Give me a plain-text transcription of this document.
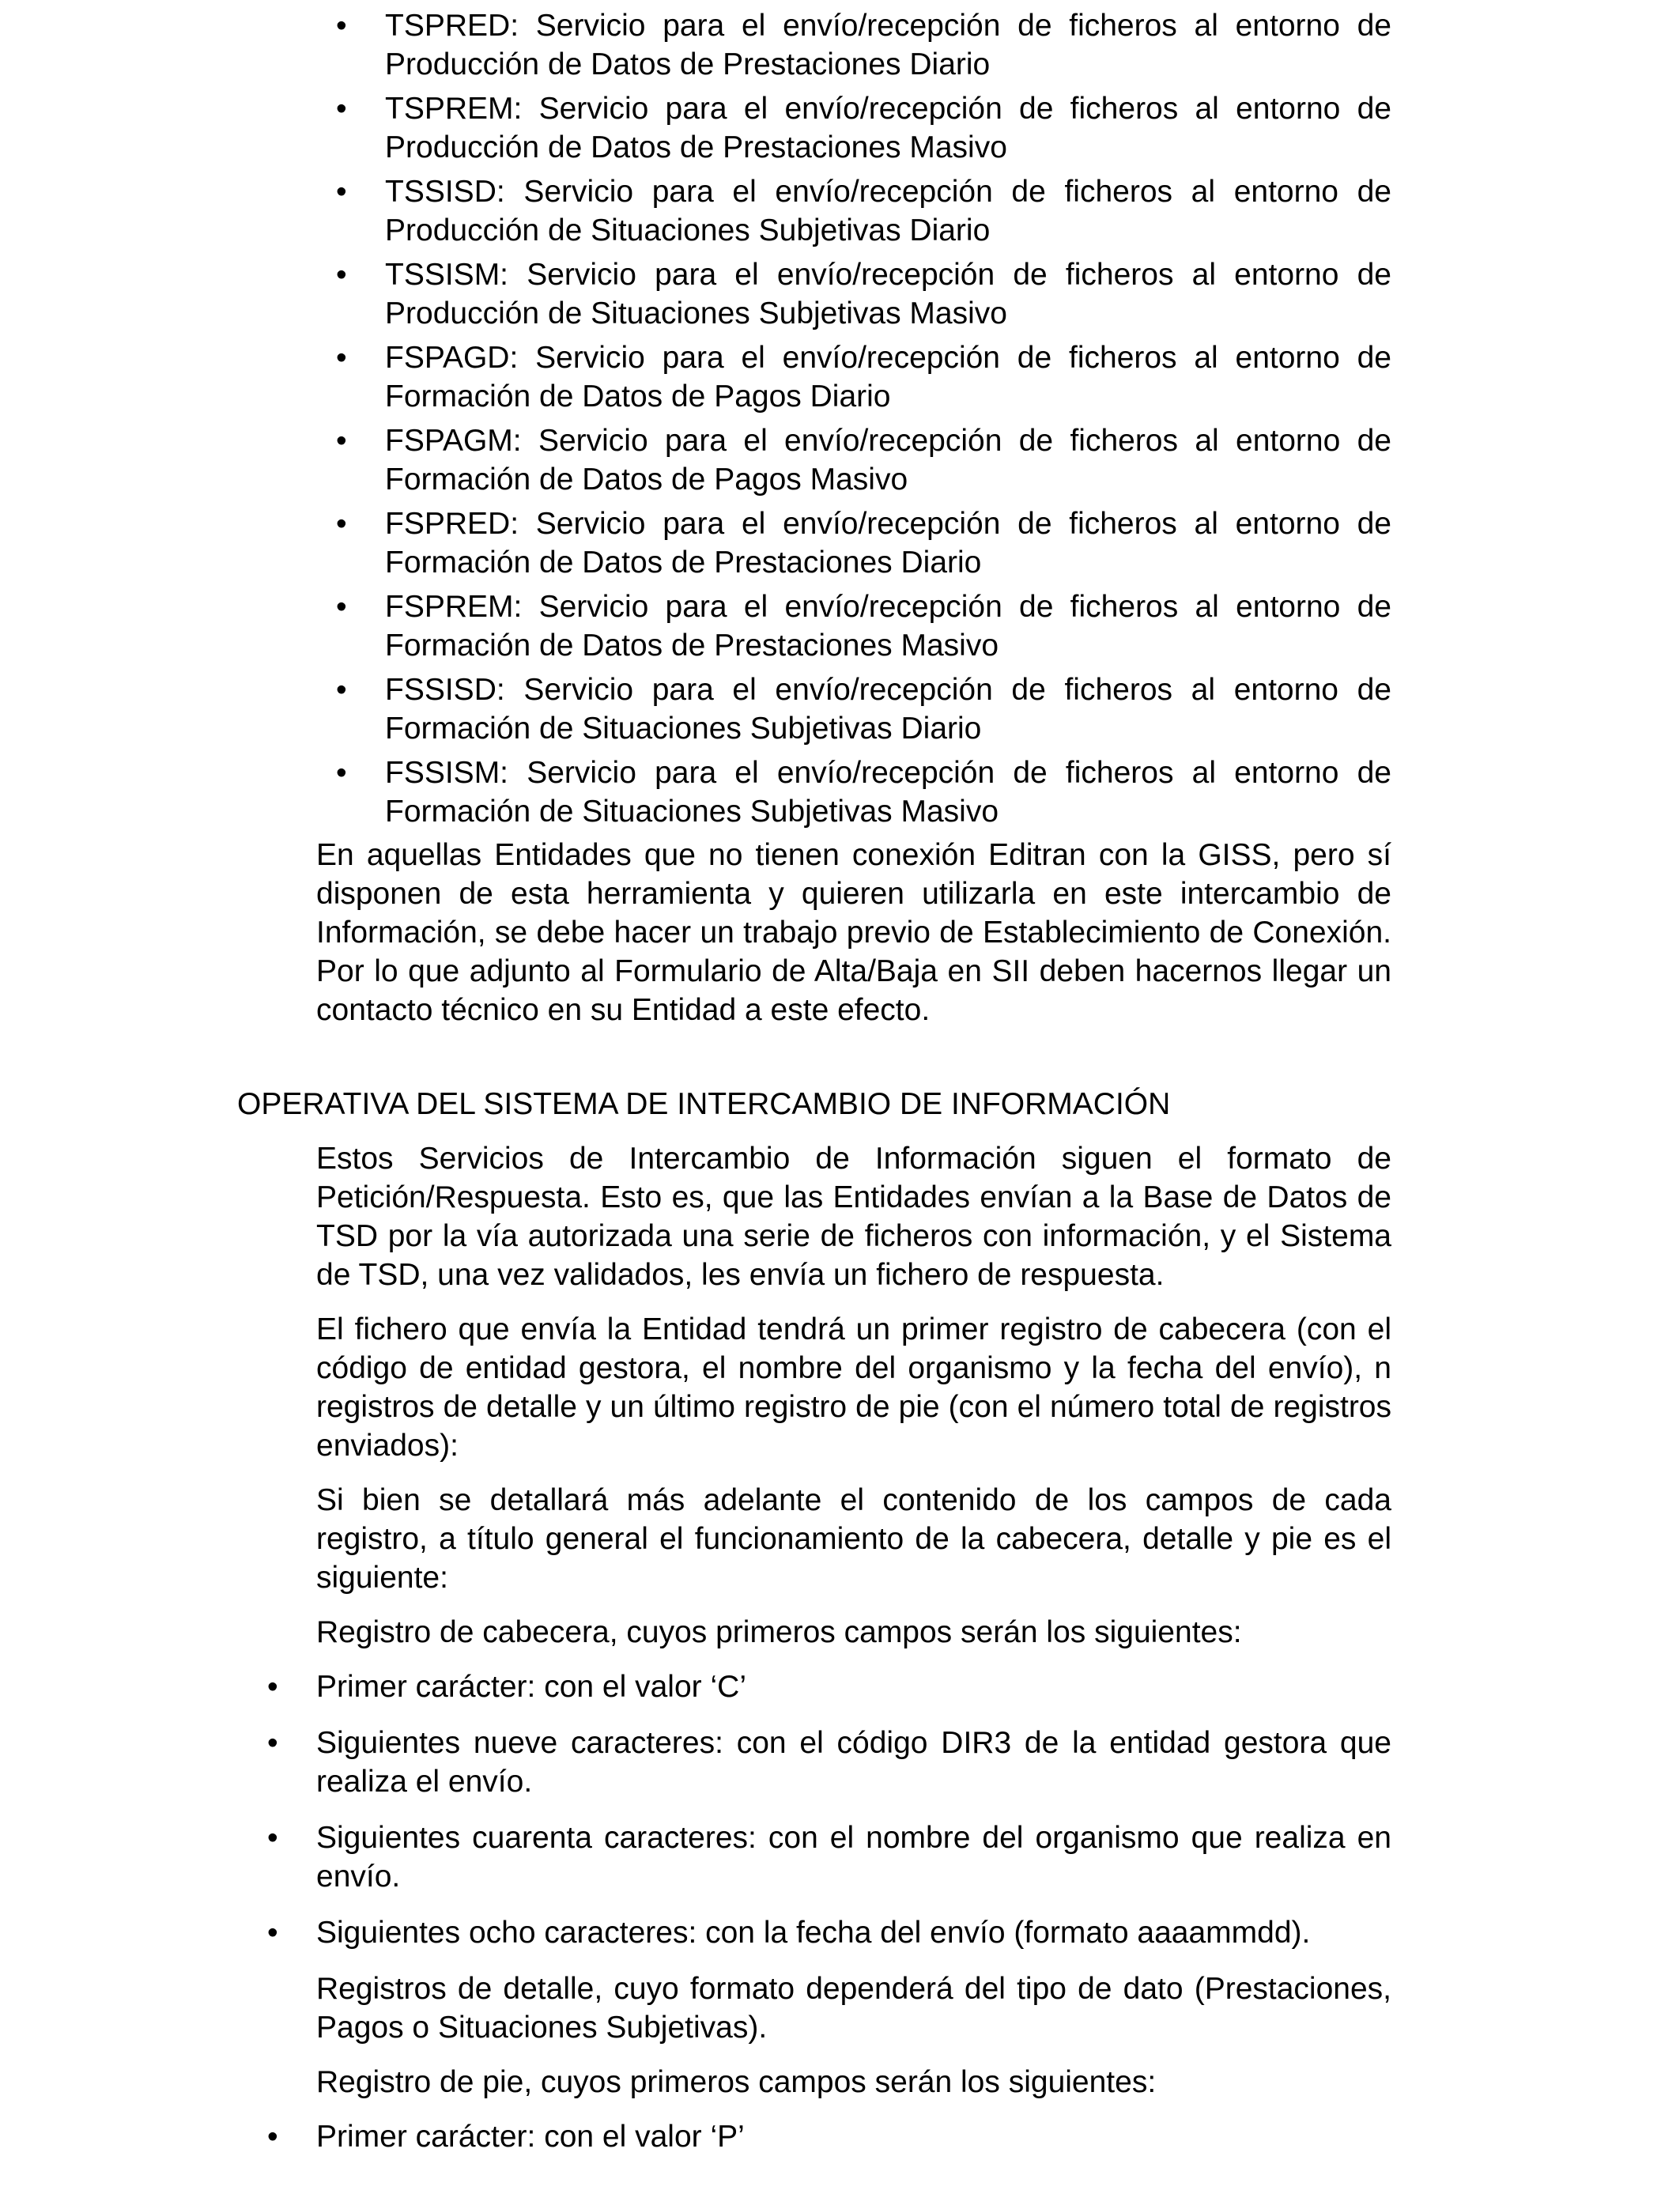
• TSPRED: Servicio para el envío/recepción de ficheros al entorno de Producción de Datos de Prestaciones Diario

• TSPREM: Servicio para el envío/recepción de ficheros al entorno de Producción de Datos de Prestaciones Masivo

• TSSISD: Servicio para el envío/recepción de ficheros al entorno de Producción de Situaciones Subjetivas Diario

• TSSISM: Servicio para el envío/recepción de ficheros al entorno de Producción de Situaciones Subjetivas Masivo

• FSPAGD: Servicio para el envío/recepción de ficheros al entorno de Formación de Datos de Pagos Diario

• FSPAGM: Servicio para el envío/recepción de ficheros al entorno de Formación de Datos de Pagos Masivo

• FSPRED: Servicio para el envío/recepción de ficheros al entorno de Formación de Datos de Prestaciones Diario

• FSPREM: Servicio para el envío/recepción de ficheros al entorno de Formación de Datos de Prestaciones Masivo

• FSSISD: Servicio para el envío/recepción de ficheros al entorno de Formación de Situaciones Subjetivas Diario

• FSSISM: Servicio para el envío/recepción de ficheros al entorno de Formación de Situaciones Subjetivas Masivo

En aquellas Entidades que no tienen conexión Editran con la GISS, pero sí disponen de esta herramienta y quieren utilizarla en este intercambio de Información, se debe hacer un trabajo previo de Establecimiento de Conexión. Por lo que adjunto al Formulario de Alta/Baja en SII deben hacernos llegar un contacto técnico en su Entidad a este efecto.

OPERATIVA DEL SISTEMA DE INTERCAMBIO DE INFORMACIÓN

Estos Servicios de Intercambio de Información siguen el formato de Petición/Respuesta. Esto es, que las Entidades envían a la Base de Datos de TSD por la vía autorizada una serie de ficheros con información, y el Sistema de TSD, una vez validados, les envía un fichero de respuesta.

El fichero que envía la Entidad tendrá un primer registro de cabecera (con el código de entidad gestora, el nombre del organismo y la fecha del envío), n registros de detalle y un último registro de pie (con el número total de registros enviados):

Si bien se detallará más adelante el contenido de los campos de cada registro, a título general el funcionamiento de la cabecera, detalle y pie es el siguiente:

Registro de cabecera, cuyos primeros campos serán los siguientes:

• Primer carácter: con el valor ‘C’

• Siguientes nueve caracteres: con el código DIR3 de la entidad gestora que realiza el envío.

• Siguientes cuarenta caracteres: con el nombre del organismo que realiza en envío.

• Siguientes ocho caracteres: con la fecha del envío (formato aaaammdd).

Registros de detalle, cuyo formato dependerá del tipo de dato (Prestaciones, Pagos o Situaciones Subjetivas).

Registro de pie, cuyos primeros campos serán los siguientes:

• Primer carácter: con el valor ‘P’
